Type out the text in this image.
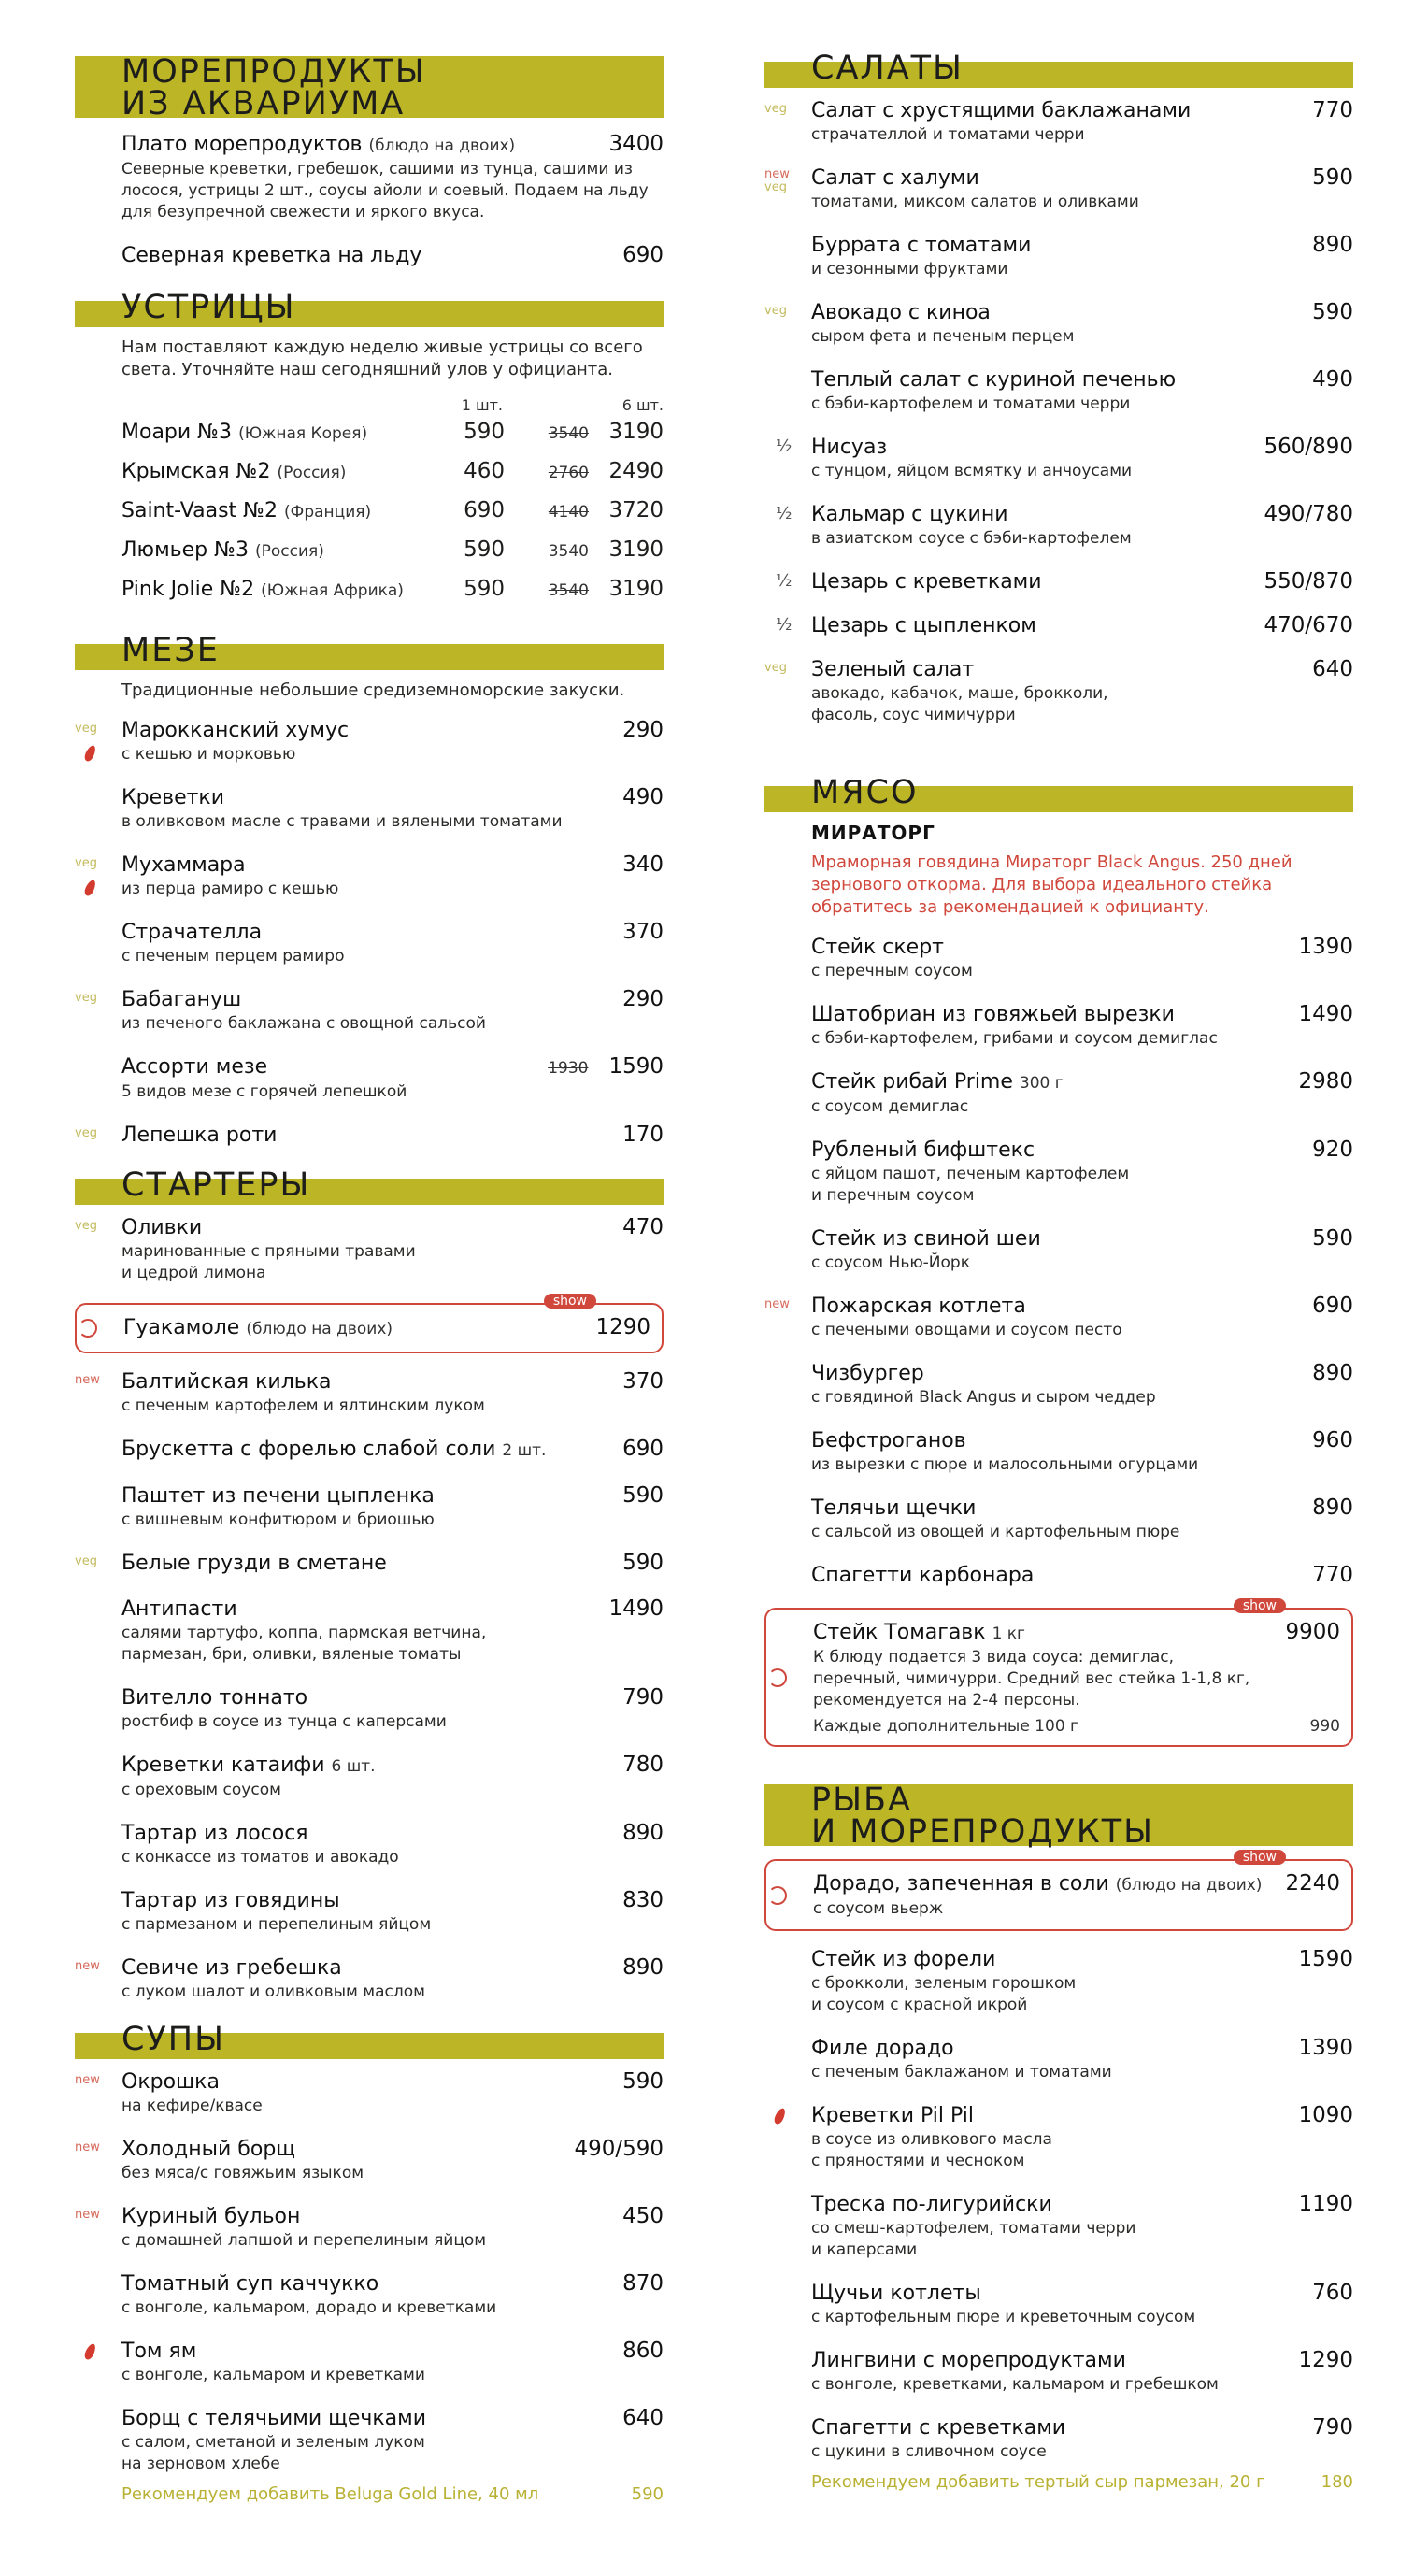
МОРЕПРОДУКТЫ
ИЗ АКВАРИУМА
Плато морепродуктов (блюдо на двоих)	3400
Северные креветки, гребешок, сашими из тунца, сашими из лосося, устрицы 2 шт., соусы айоли и соевый. Подаем на льду для безупречной свежести и яркого вкуса.
Северная креветка на льду	690
УСТРИЦЫ
Нам поставляют каждую неделю живые устрицы со всего света. Уточняйте наш сегодняшний улов у официанта.
1 шт.	6 шт.
Моари №3 (Южная Корея)	590	3540 3190
Крымская №2 (Россия)	460	2760 2490
Saint-Vaast №2 (Франция)	690	4140 3720
Люмьер №3 (Россия)	590	3540 3190
Pink Jolie №2 (Южная Африка)	590	3540 3190
МЕЗЕ
Традиционные небольшие средиземноморские закуски.
veg	Марокканский хумус	290
с кешью и морковью
Креветки	490
в оливковом масле с травами и вялеными томатами
veg	Мухаммара	340
из перца рамиро с кешью
Страчателла	370
с печеным перцем рамиро
veg	Бабагануш	290
из печеного баклажана с овощной сальсой
Ассорти мезе	1930 1590
5 видов мезе с горячей лепешкой
veg	Лепешка роти	170
СТАРТЕРЫ
veg	Оливки	470
маринованные с пряными травами
и цедрой лимона
show
Гуакамоле (блюдо на двоих)	1290
new	Балтийская килька	370
с печеным картофелем и ялтинским луком
Брускетта с форелью слабой соли 2 шт.	690
Паштет из печени цыпленка	590
с вишневым конфитюром и бриошью
veg	Белые грузди в сметане	590
Антипасти	1490
салями тартуфо, коппа, пармская ветчина,
пармезан, бри, оливки, вяленые томаты
Вителло тоннато	790
ростбиф в соусе из тунца с каперсами
Креветки катаифи 6 шт.	780
с ореховым соусом
Тартар из лосося	890
с конкассе из томатов и авокадо
Тартар из говядины	830
с пармезаном и перепелиным яйцом
new	Севиче из гребешка	890
с луком шалот и оливковым маслом
СУПЫ
new	Окрошка	590
на кефире/квасе
new	Холодный борщ	490/590
без мяса/с говяжьим языком
new	Куриный бульон	450
с домашней лапшой и перепелиным яйцом
Томатный суп каччукко	870
с вонголе, кальмаром, дорадо и креветками
Том ям	860
с вонголе, кальмаром и креветками
Борщ с телячьими щечками	640
с салом, сметаной и зеленым луком
на зерновом хлебе
Рекомендуем добавить Beluga Gold Line, 40 мл	590
САЛАТЫ
veg	Салат с хрустящими баклажанами	770
страчателлой и томатами черри
new
veg	Салат с халуми	590
томатами, миксом салатов и оливками
Буррата с томатами	890
и сезонными фруктами
veg	Авокадо с киноа	590
сыром фета и печеным перцем
Теплый салат с куриной печенью	490
с бэби-картофелем и томатами черри
½ Нисуаз	560/890
с тунцом, яйцом всмятку и анчоусами
½ Кальмар с цукини	490/780
в азиатском соусе с бэби-картофелем
½ Цезарь с креветками	550/870
½ Цезарь с цыпленком	470/670
veg	Зеленый салат	640
авокадо, кабачок, маше, брокколи,
фасоль, соус чимичурри
МЯСО
МИРАТОРГ
Мраморная говядина Мираторг Black Angus. 250 дней зернового откорма. Для выбора идеального стейка обратитесь за рекомендацией к официанту.
Стейк скерт	1390
с перечным соусом
Шатобриан из говяжьей вырезки	1490
с бэби-картофелем, грибами и соусом демиглас
Стейк рибай Prime 300 г	2980
с соусом демиглас
Рубленый бифштекс	920
с яйцом пашот, печеным картофелем
и перечным соусом
Стейк из свиной шеи	590
с соусом Нью-Йорк
new	Пожарская котлета	690
с печеными овощами и соусом песто
Чизбургер	890
с говядиной Black Angus и сыром чеддер
Бефстроганов	960
из вырезки с пюре и малосольными огурцами
Телячьи щечки	890
с сальсой из овощей и картофельным пюре
Спагетти карбонара	770
show
Стейк Томагавк 1 кг	9900
К блюду подается 3 вида соуса: демиглас,
перечный, чимичурри. Средний вес стейка 1-1,8 кг,
рекомендуется на 2-4 персоны.
Каждые дополнительные 100 г	990
РЫБА
И МОРЕПРОДУКТЫ
show
Дорадо, запеченная в соли (блюдо на двоих) 2240
с соусом вьерж
Стейк из форели	1590
с брокколи, зеленым горошком
и соусом с красной икрой
Филе дорадо	1390
с печеным баклажаном и томатами
Креветки Pil Pil	1090
в соусе из оливкового масла
с пряностями и чесноком
Треска по-лигурийски	1190
со смеш-картофелем, томатами черри
и каперсами
Щучьи котлеты	760
с картофельным пюре и креветочным соусом
Лингвини с морепродуктами	1290
с вонголе, креветками, кальмаром и гребешком
Спагетти с креветками	790
с цукини в сливочном соусе
Рекомендуем добавить тертый сыр пармезан, 20 г	180
